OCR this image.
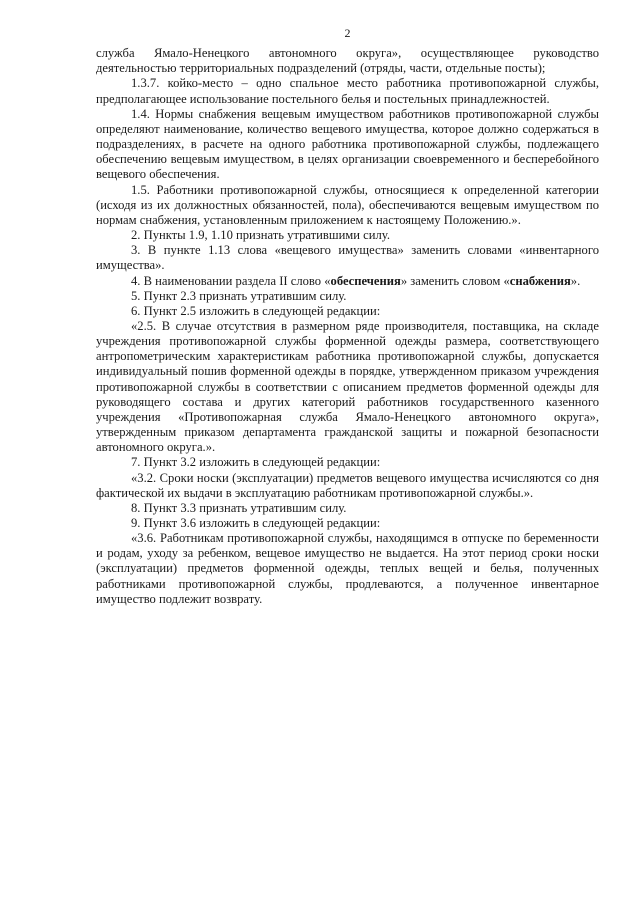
2

служба Ямало-Ненецкого автономного округа», осуществляющее руководство деятельностью территориальных подразделений (отряды, части, отдельные посты);

1.3.7. койко-место – одно спальное место работника противопожарной службы, предполагающее использование постельного белья и постельных принадлежностей.

1.4. Нормы снабжения вещевым имуществом работников противопожарной службы определяют наименование, количество вещевого имущества, которое должно содержаться в подразделениях, в расчете на одного работника противопожарной службы, подлежащего обеспечению вещевым имуществом, в целях организации своевременного и бесперебойного вещевого обеспечения.

1.5. Работники противопожарной службы, относящиеся к определенной категории (исходя из их должностных обязанностей, пола), обеспечиваются вещевым имуществом по нормам снабжения, установленным приложением к настоящему Положению.».

2. Пункты 1.9, 1.10 признать утратившими силу.

3. В пункте 1.13 слова «вещевого имущества» заменить словами «инвентарного имущества».

4. В наименовании раздела II слово «обеспечения» заменить словом «снабжения».

5. Пункт 2.3 признать утратившим силу.

6. Пункт 2.5 изложить в следующей редакции:

«2.5. В случае отсутствия в размерном ряде производителя, поставщика, на складе учреждения противопожарной службы форменной одежды размера, соответствующего антропометрическим характеристикам работника противопожарной службы, допускается индивидуальный пошив форменной одежды в порядке, утвержденном приказом учреждения противопожарной службы в соответствии с описанием предметов форменной одежды для руководящего состава и других категорий работников государственного казенного учреждения «Противопожарная служба Ямало-Ненецкого автономного округа», утвержденным приказом департамента гражданской защиты и пожарной безопасности автономного округа.».

7. Пункт 3.2 изложить в следующей редакции:

«3.2. Сроки носки (эксплуатации) предметов вещевого имущества исчисляются со дня фактической их выдачи в эксплуатацию работникам противопожарной службы.».

8. Пункт 3.3 признать утратившим силу.

9. Пункт 3.6 изложить в следующей редакции:

«3.6. Работникам противопожарной службы, находящимся в отпуске по беременности и родам, уходу за ребенком, вещевое имущество не выдается. На этот период сроки носки (эксплуатации) предметов форменной одежды, теплых вещей и белья, полученных работниками противопожарной службы, продлеваются, а полученное инвентарное имущество подлежит возврату.
